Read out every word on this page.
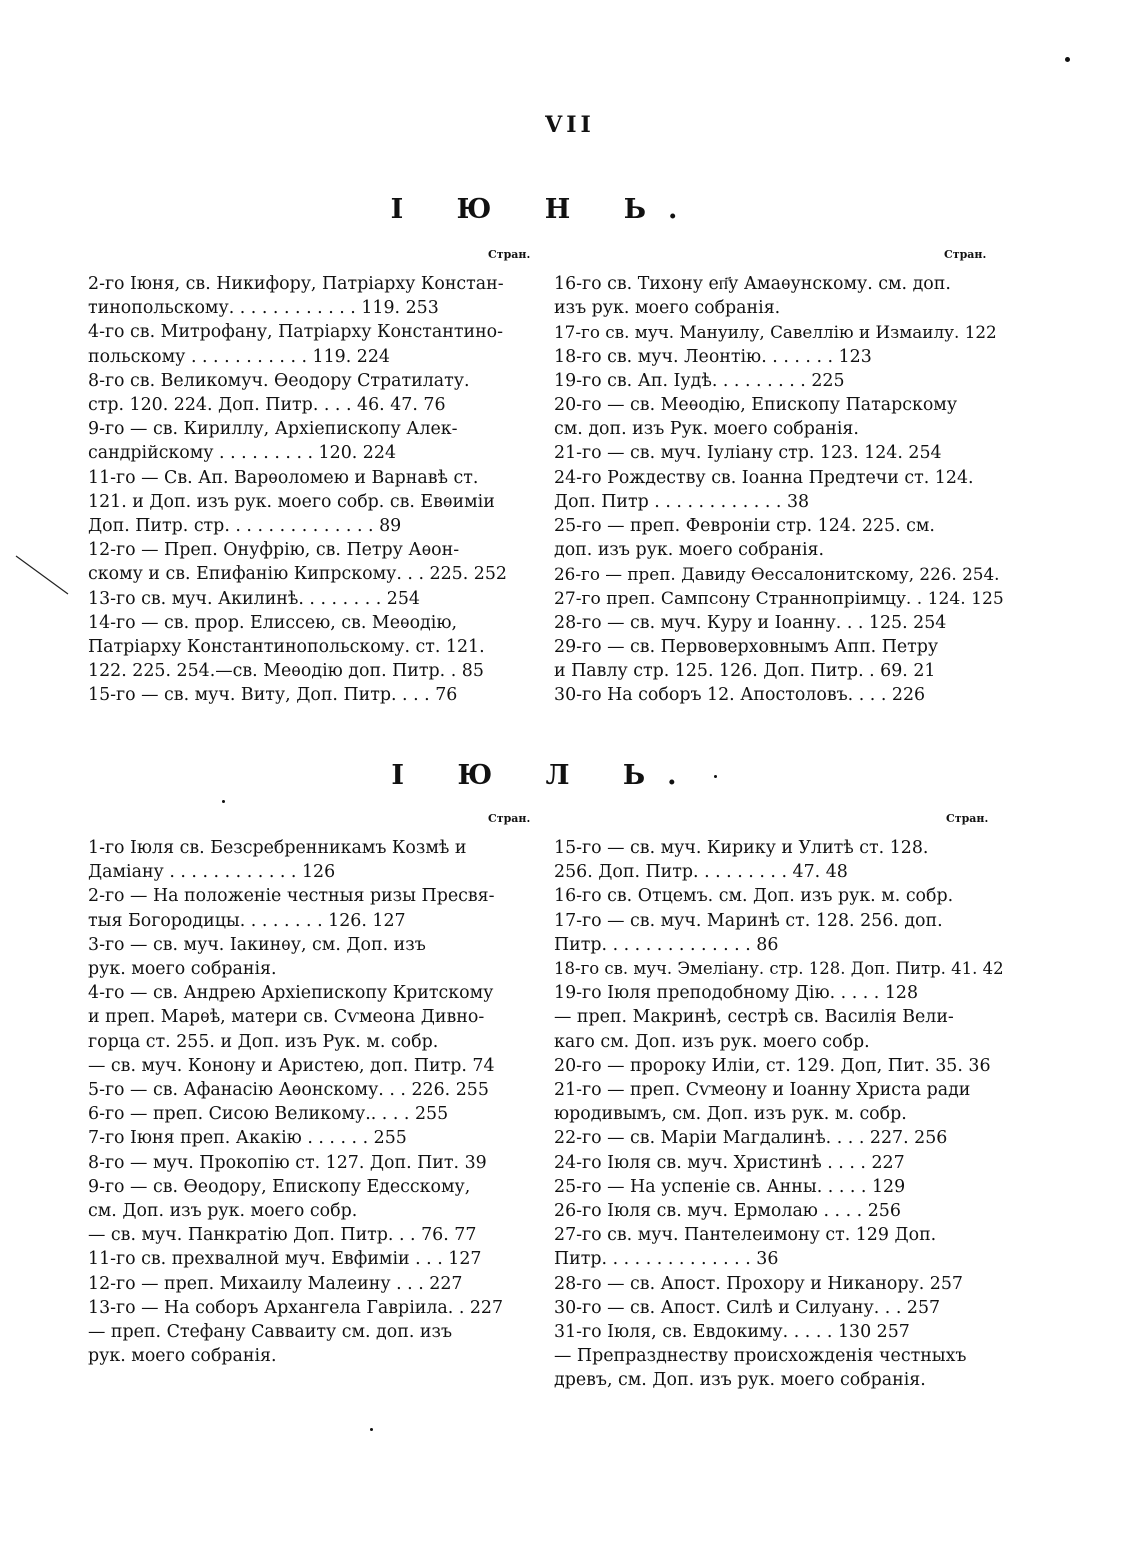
VII
I Ю Н Ь.
Стран.	Стран.
2-го Іюня, св. Никифору, Патріарху Констан-
тинопольскому. . . . . . . . . . . . 119. 253
4-го св. Митрофану, Патріарху Константино-
польскому . . . . . . . . . . . 119. 224
8-го св. Великомуч. Ѳеодору Стратилату.
стр. 120. 224. Доп. Питр. . . . 46. 47. 76
9-го — св. Кириллу, Архіепископу Алек-
сандрійскому . . . . . . . . . 120. 224
11-го — Св. Ап. Варѳоломею и Варнавѣ ст.
121. и Доп. изъ рук. моего собр. св. Евѳиміи
Доп. Питр. стр. . . . . . . . . . . . . . 89
12-го — Преп. Онуфрію, св. Петру Аѳон-
скому и св. Епифанію Кипрскому. . . 225. 252
13-го св. муч. Акилинѣ. . . . . . . . 254
14-го — св. прор. Елиссею, св. Меѳодію,
Патріарху Константинопольскому. ст. 121.
122. 225. 254.—св. Меѳодію доп. Питр. . 85
15-го — св. муч. Виту, Доп. Питр. . . . 76
16-го св. Тихону еп҃у Амаѳунскому. см. доп.
изъ рук. моего собранія.
17-го св. муч. Мануилу, Савеллію и Измаилу. 122
18-го св. муч. Леонтію. . . . . . . 123
19-го св. Ап. Іудѣ. . . . . . . . . 225
20-го — св. Меѳодію, Епископу Патарскому
см. доп. изъ Рук. моего собранія.
21-го — св. муч. Іуліану стр. 123. 124. 254
24-го Рождеству св. Іоанна Предтечи ст. 124.
Доп. Питр . . . . . . . . . . . . 38
25-го — преп. Февроніи стр. 124. 225. см.
доп. изъ рук. моего собранія.
26-го — преп. Давиду Ѳессалонитскому, 226. 254.
27-го преп. Сампсону Страннопріимцу. . 124. 125
28-го — св. муч. Куру и Іоанну. . . 125. 254
29-го — св. Первоверховнымъ Апп. Петру
и Павлу стр. 125. 126. Доп. Питр. . 69. 21
30-го На соборъ 12. Апостоловъ. . . . 226
I Ю Л Ь.
Стран.	Стран.
1-го Іюля св. Безсребренникамъ Козмѣ и
Даміану . . . . . . . . . . . . 126
2-го — На положеніе честныя ризы Пресвя-
тыя Богородицы. . . . . . . . 126. 127
3-го — св. муч. Іакинѳу, см. Доп. изъ
рук. моего собранія.
4-го — св. Андрею Архіепископу Критскому
и преп. Марѳѣ, матери св. Сѵмеона Дивно-
горца ст. 255. и Доп. изъ Рук. м. собр.
— св. муч. Конону и Аристею, доп. Питр. 74
5-го — св. Афанасію Аѳонскому. . . 226. 255
6-го — преп. Сисою Великому.. . . . 255
7-го Іюня преп. Акакію . . . . . . 255
8-го — муч. Прокопію ст. 127. Доп. Пит. 39
9-го — св. Ѳеодору, Епископу Едесскому,
см. Доп. изъ рук. моего собр.
— св. муч. Панкратію Доп. Питр. . . 76. 77
11-го св. прехвалной муч. Евфиміи . . . 127
12-го — преп. Михаилу Малеину . . . 227
13-го — На соборъ Архангела Гавріила. . 227
— преп. Стефану Савваиту см. доп. изъ
рук. моего собранія.
15-го — св. муч. Кирику и Улитѣ ст. 128.
256. Доп. Питр. . . . . . . . . 47. 48
16-го св. Отцемъ. см. Доп. изъ рук. м. собр.
17-го — св. муч. Маринѣ ст. 128. 256. доп.
Питр. . . . . . . . . . . . . . 86
18-го св. муч. Эмеліану. стр. 128. Доп. Питр. 41. 42
19-го Іюля преподобному Дію. . . . . 128
— преп. Макринѣ, сестрѣ св. Василія Вели-
кагo см. Доп. изъ рук. моего собр.
20-го — пророку Иліи, ст. 129. Доп, Пит. 35. 36
21-го — преп. Сѵмеону и Іоанну Христа ради
юродивымъ, см. Доп. изъ рук. м. собр.
22-го — св. Маріи Магдалинѣ. . . . 227. 256
24-го Іюля св. муч. Христинѣ . . . . 227
25-го — На успеніе св. Анны. . . . . 129
26-го Іюля св. муч. Ермолаю . . . . 256
27-го св. муч. Пантелеимону ст. 129 Доп.
Питр. . . . . . . . . . . . . . 36
28-го — св. Апост. Прохору и Никанору. 257
30-го — св. Апост. Силѣ и Силуану. . . 257
31-го Іюля, св. Евдокиму. . . . . 130 257
— Препразднеству происхожденія честныхъ
древъ, см. Доп. изъ рук. моего собранія.
